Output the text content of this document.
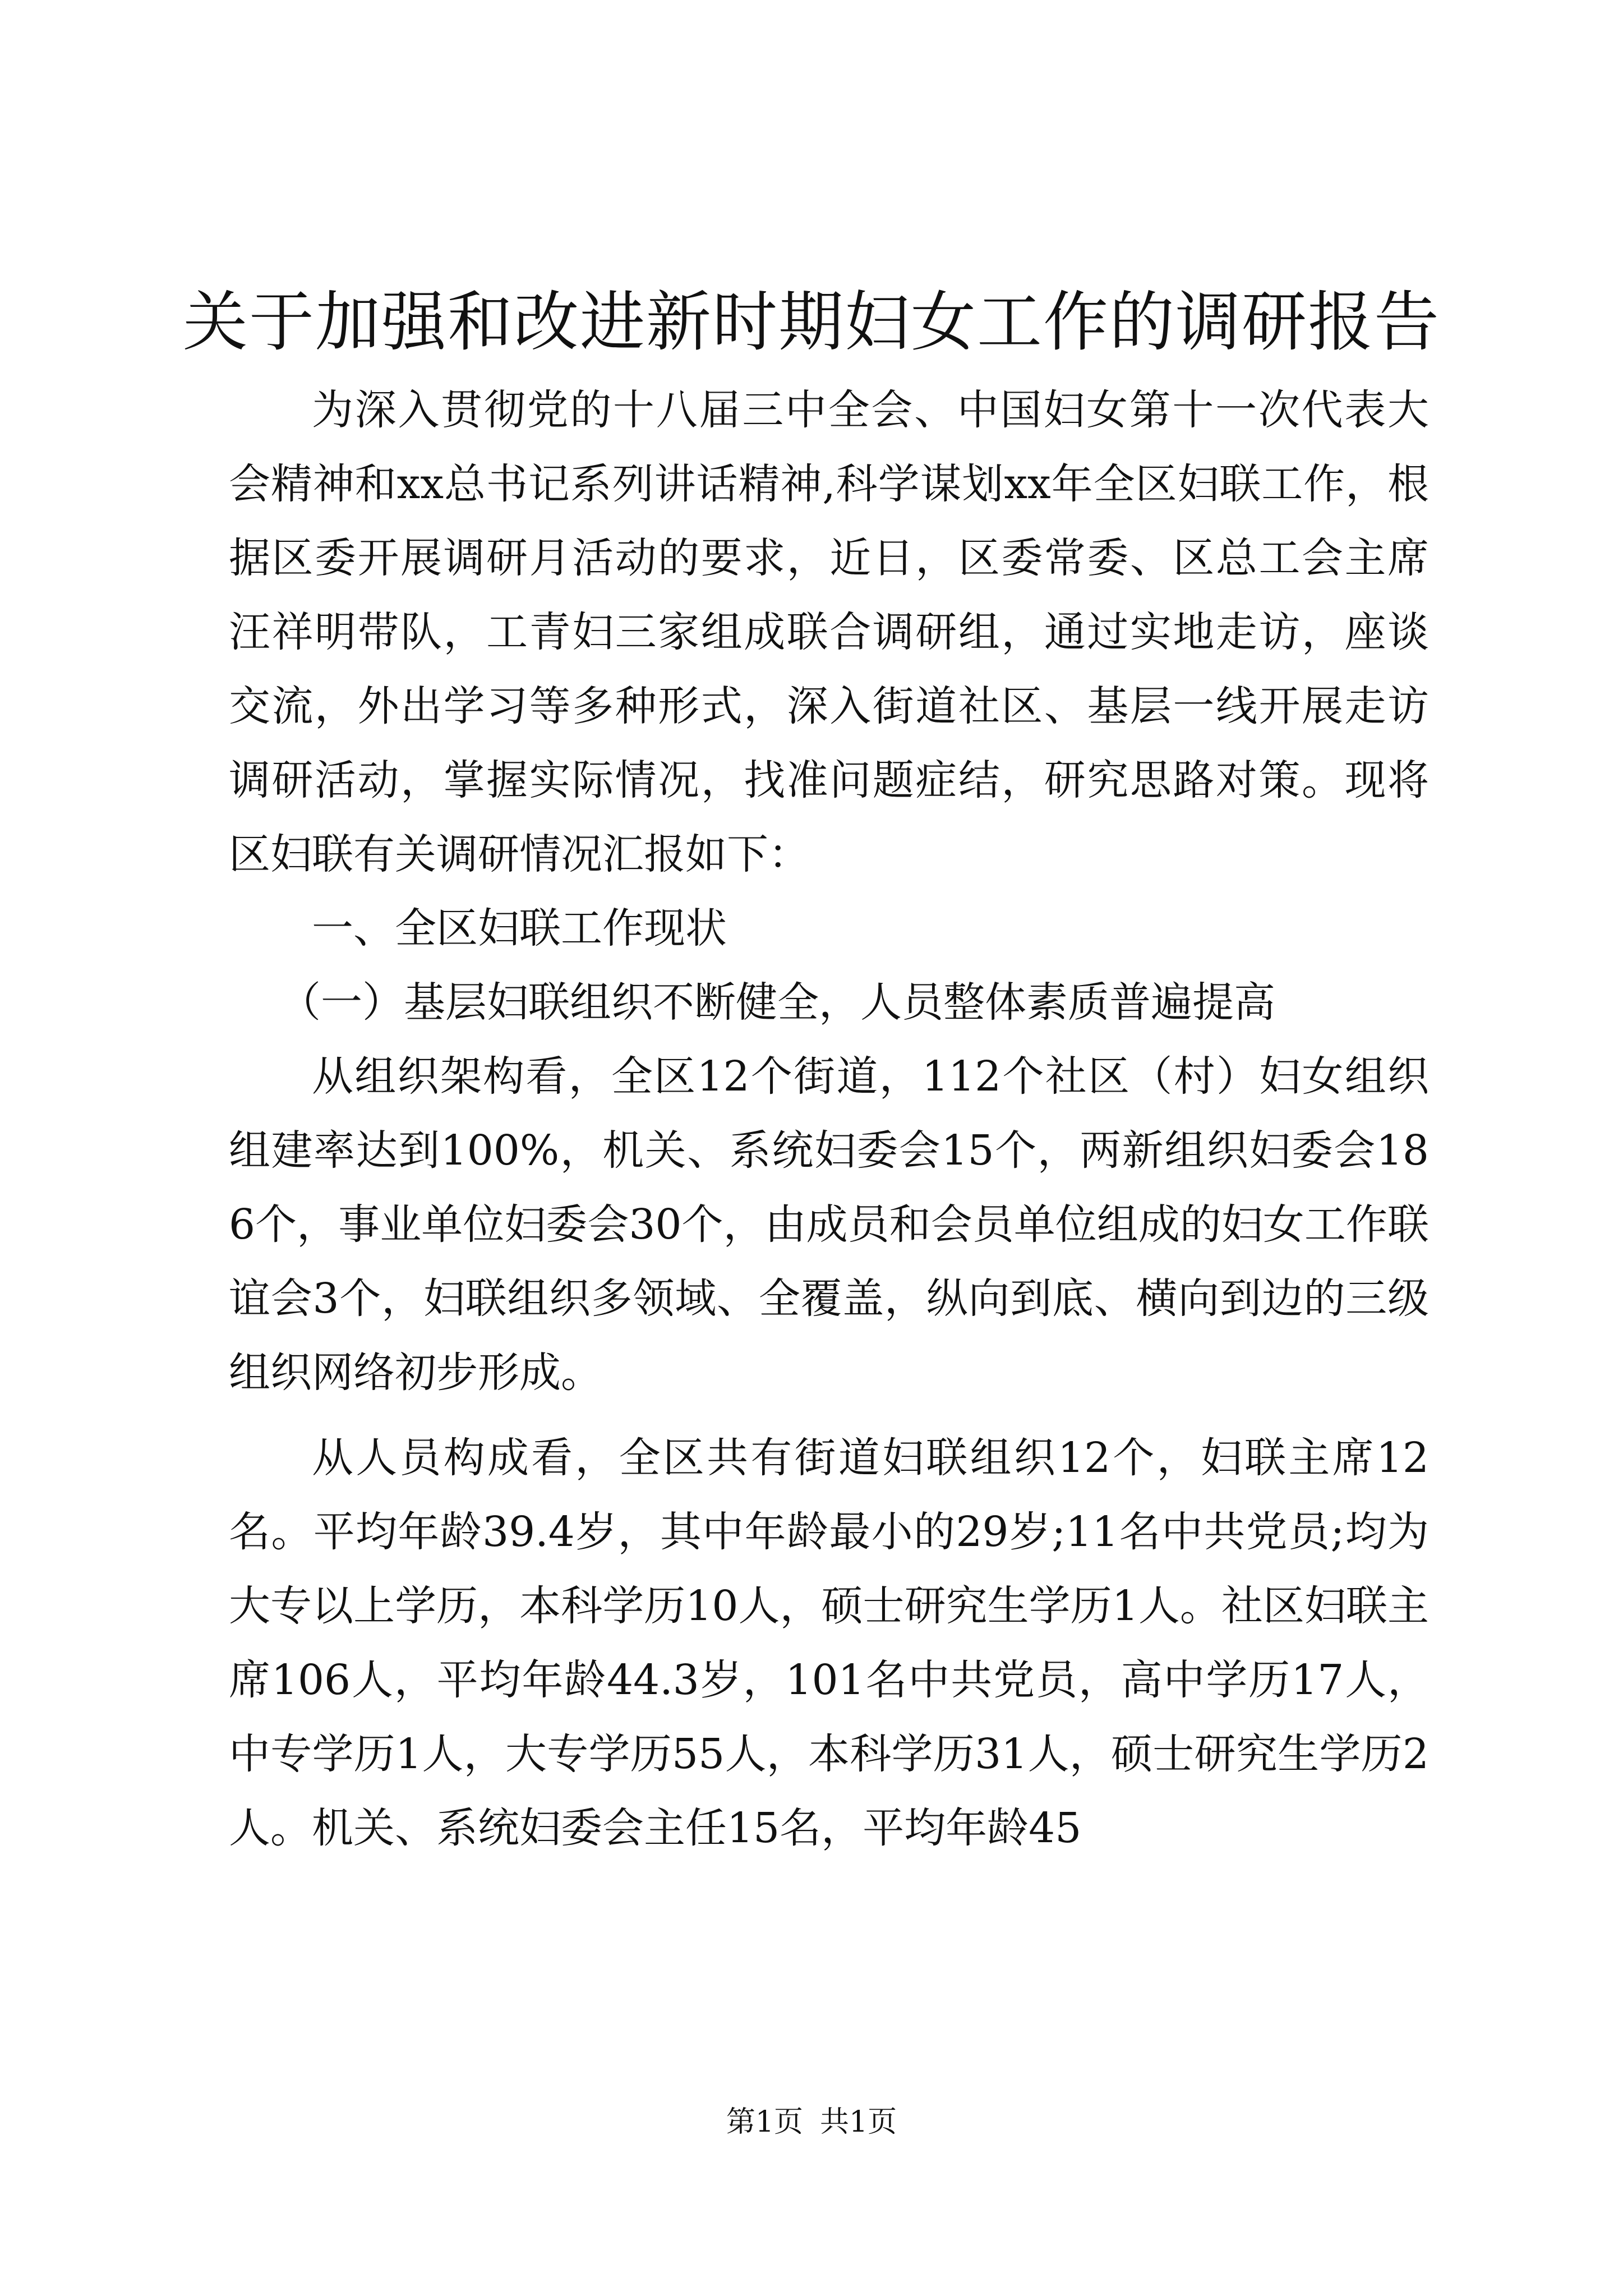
关于加强和改进新时期妇女工作的调研报告

为深入贯彻党的十八届三中全会、中国妇女第十一次代表大会精神和xx总书记系列讲话精神,科学谋划xx年全区妇联工作，根据区委开展调研月活动的要求，近日，区委常委、区总工会主席汪祥明带队，工青妇三家组成联合调研组，通过实地走访，座谈交流，外出学习等多种形式，深入街道社区、基层一线开展走访调研活动，掌握实际情况，找准问题症结，研究思路对策。现将区妇联有关调研情况汇报如下：

一、全区妇联工作现状

（一）基层妇联组织不断健全，人员整体素质普遍提高

从组织架构看，全区12个街道，112个社区（村）妇女组织组建率达到100%，机关、系统妇委会15个，两新组织妇委会186个，事业单位妇委会30个，由成员和会员单位组成的妇女工作联谊会3个，妇联组织多领域、全覆盖，纵向到底、横向到边的三级组织网络初步形成。

从人员构成看，全区共有街道妇联组织12个，妇联主席12名。平均年龄39.4岁，其中年龄最小的29岁;11名中共党员;均为大专以上学历，本科学历10人，硕士研究生学历1人。社区妇联主席106人，平均年龄44.3岁，101名中共党员，高中学历17人，中专学历1人，大专学历55人，本科学历31人，硕士研究生学历2人。机关、系统妇委会主任15名，平均年龄45

第1页 共1页
